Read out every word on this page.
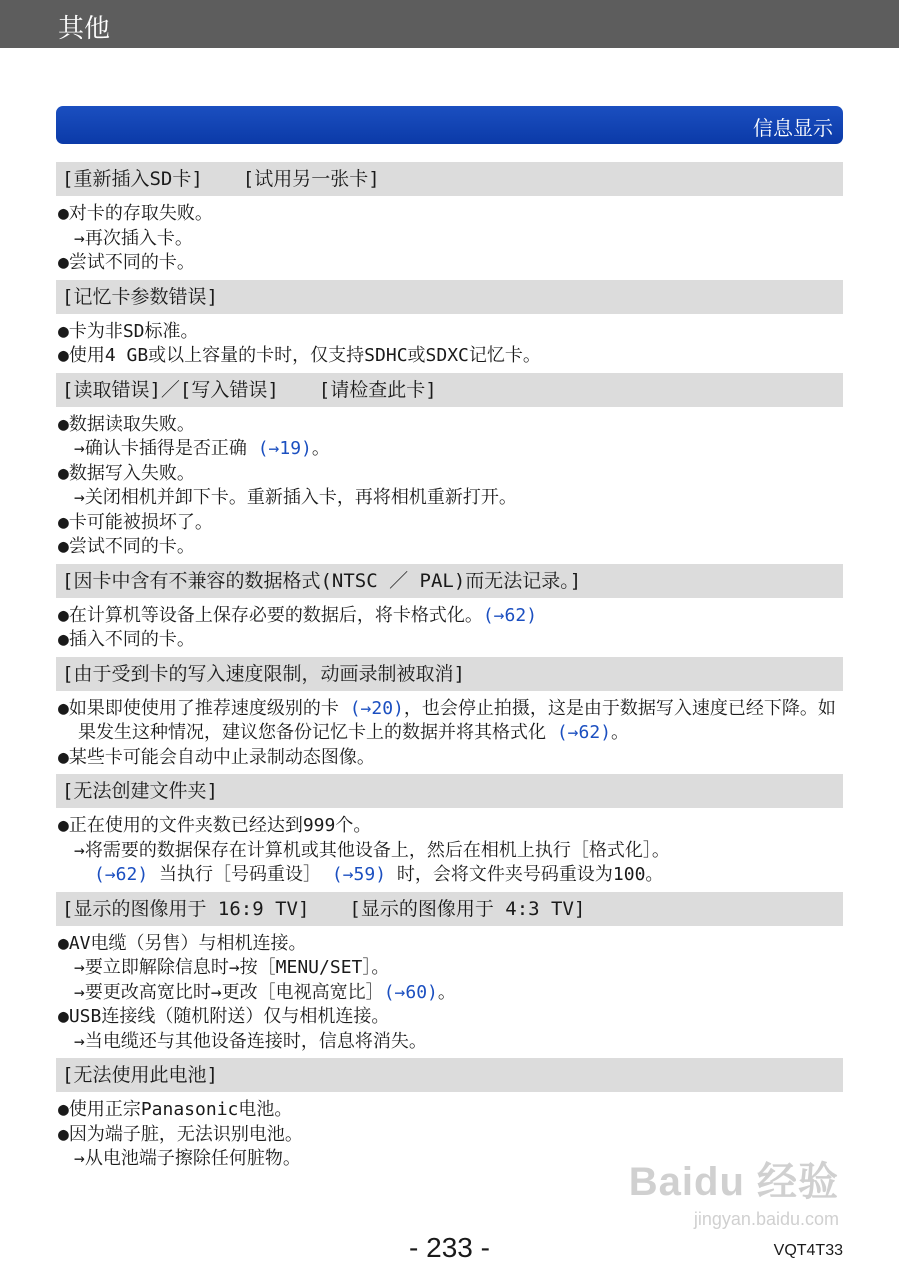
其他
信息显示
[重新插入SD卡] [试用另一张卡]
●对卡的存取失败。
→再次插入卡。
●尝试不同的卡。
[记忆卡参数错误]
●卡为非SD标准。
●使用4 GB或以上容量的卡时，仅支持SDHC或SDXC记忆卡。
[读取错误]／[写入错误] [请检查此卡]
●数据读取失败。
→确认卡插得是否正确 (→19)。
●数据写入失败。
→关闭相机并卸下卡。重新插入卡，再将相机重新打开。
●卡可能被损坏了。
●尝试不同的卡。
[因卡中含有不兼容的数据格式(NTSC ／ PAL)而无法记录。]
●在计算机等设备上保存必要的数据后，将卡格式化。(→62)
●插入不同的卡。
[由于受到卡的写入速度限制，动画录制被取消]
●如果即使使用了推荐速度级别的卡 (→20)，也会停止拍摄，这是由于数据写入速度已经下降。如果发生这种情况，建议您备份记忆卡上的数据并将其格式化 (→62)。
●某些卡可能会自动中止录制动态图像。
[无法创建文件夹]
●正在使用的文件夹数已经达到999个。
→将需要的数据保存在计算机或其他设备上，然后在相机上执行［格式化］。
(→62) 当执行［号码重设］ (→59) 时，会将文件夹号码重设为100。
[显示的图像用于 16:9 TV] [显示的图像用于 4:3 TV]
●AV电缆（另售）与相机连接。
→要立即解除信息时→按［MENU/SET］。
→要更改高宽比时→更改［电视高宽比］(→60)。
●USB连接线（随机附送）仅与相机连接。
→当电缆还与其他设备连接时，信息将消失。
[无法使用此电池]
●使用正宗Panasonic电池。
●因为端子脏，无法识别电池。
→从电池端子擦除任何脏物。
Baidu 经验
jingyan.baidu.com
- 233 -	VQT4T33
